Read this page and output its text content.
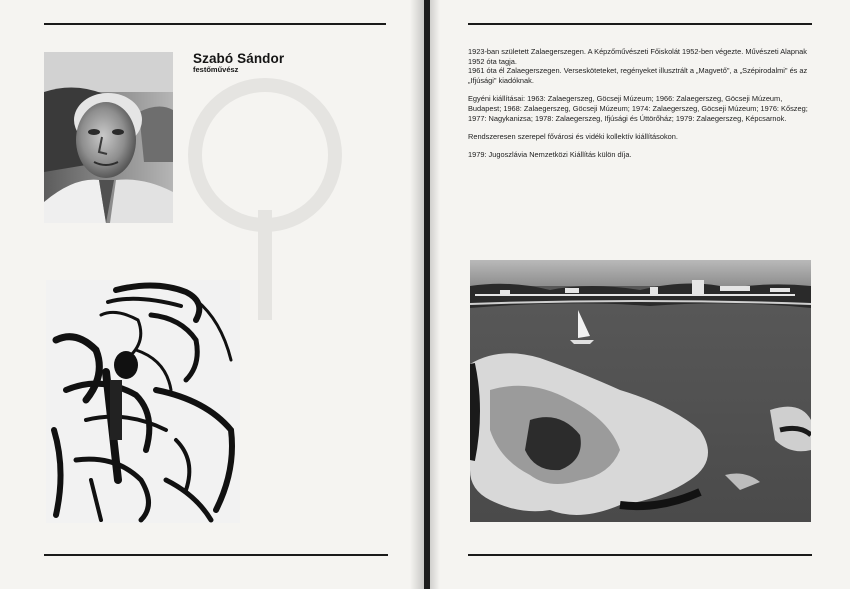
Szabó Sándor
festőművész

1923-ban született Zalaegerszegen. A Képzőművészeti Főiskolát 1952-ben végezte. Művészeti Alapnak 1952 óta tagja.
1961 óta él Zalaegerszegen. Versesköteteket, regényeket illusztrált a „Magvető", a „Szépirodalmi" és az „Ifjúsági" kiadóknak.

Egyéni kiállításai: 1963: Zalaegerszeg, Göcseji Múzeum; 1966: Zalaegerszeg, Göcseji Múzeum, Budapest; 1968: Zalaegerszeg, Göcseji Múzeum; 1974: Zalaegerszeg, Göcseji Múzeum; 1976: Kőszeg; 1977: Nagykanizsa; 1978: Zalaegerszeg, Ifjúsági és Úttörőház; 1979: Zalaegerszeg, Képcsarnok.

Rendszeresen szerepel fővárosi és vidéki kollektív kiállításokon.

1979: Jugoszlávia Nemzetközi Kiállítás külön díja.
